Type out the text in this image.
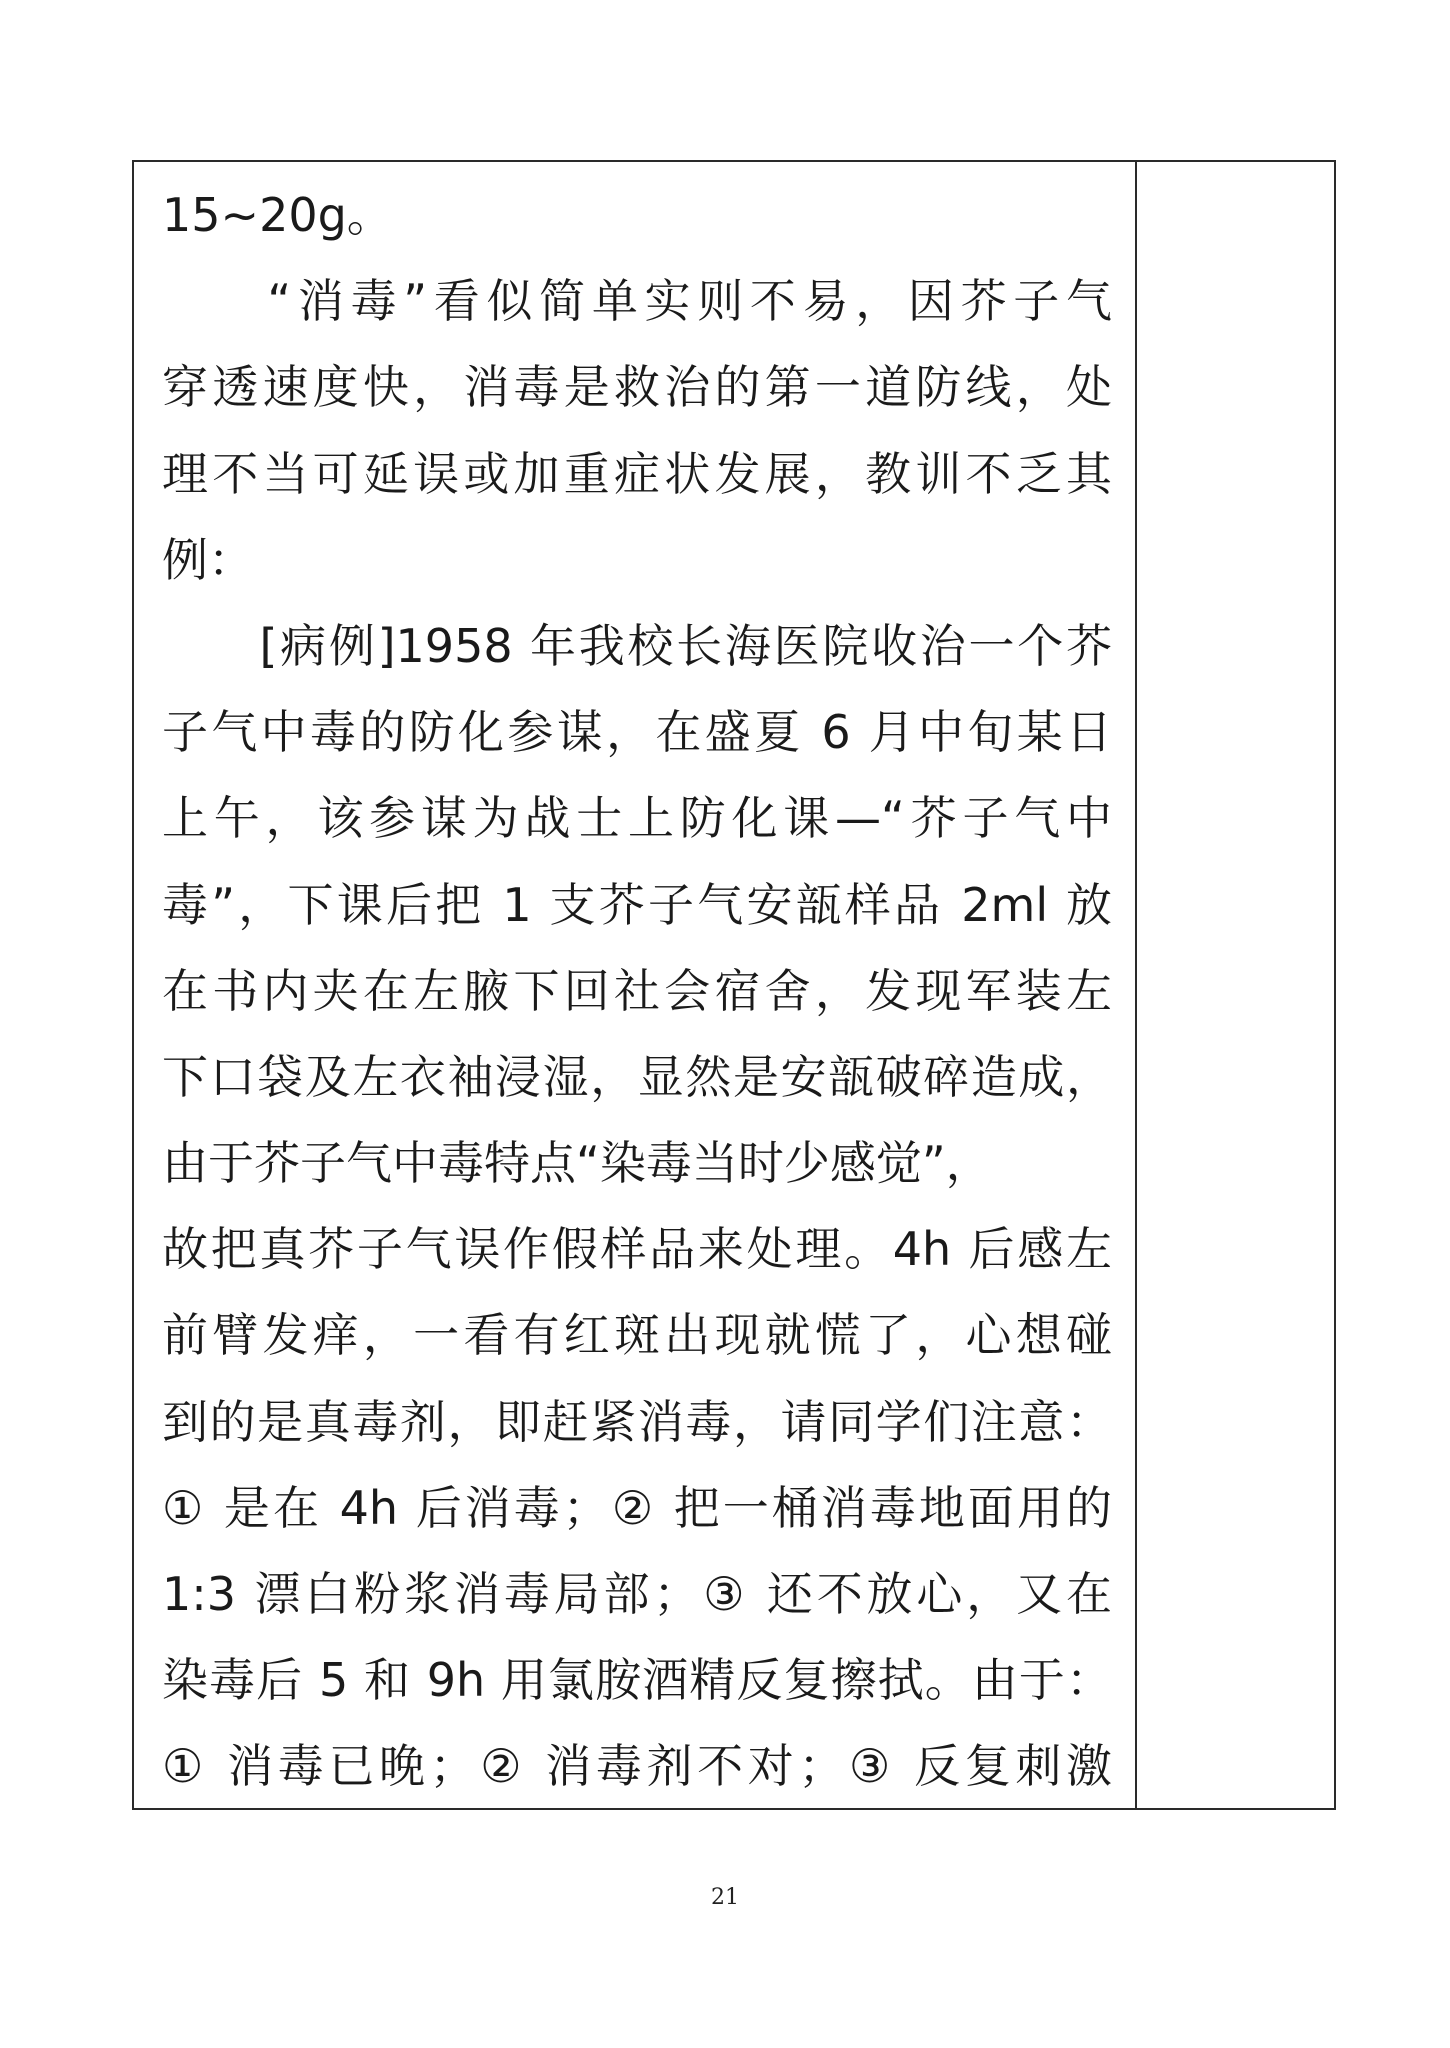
15~20g。
　　“消毒”看似简单实则不易，因芥子气
穿透速度快，消毒是救治的第一道防线，处
理不当可延误或加重症状发展，教训不乏其
例：
　　[病例]1958 年我校长海医院收治一个芥
子气中毒的防化参谋，在盛夏 6 月中旬某日
上午，该参谋为战士上防化课—“芥子气中
毒”，下课后把 1 支芥子气安瓿样品 2ml 放
在书内夹在左腋下回社会宿舍，发现军装左
下口袋及左衣袖浸湿，显然是安瓿破碎造成，
由于芥子气中毒特点“染毒当时少感觉”，
故把真芥子气误作假样品来处理。4h 后感左
前臂发痒，一看有红斑出现就慌了，心想碰
到的是真毒剂，即赶紧消毒，请同学们注意：
① 是在 4h 后消毒；② 把一桶消毒地面用的
1:3 漂白粉浆消毒局部；③ 还不放心，又在
染毒后 5 和 9h 用氯胺酒精反复擦拭。由于：
① 消毒已晚；② 消毒剂不对；③ 反复刺激
21
